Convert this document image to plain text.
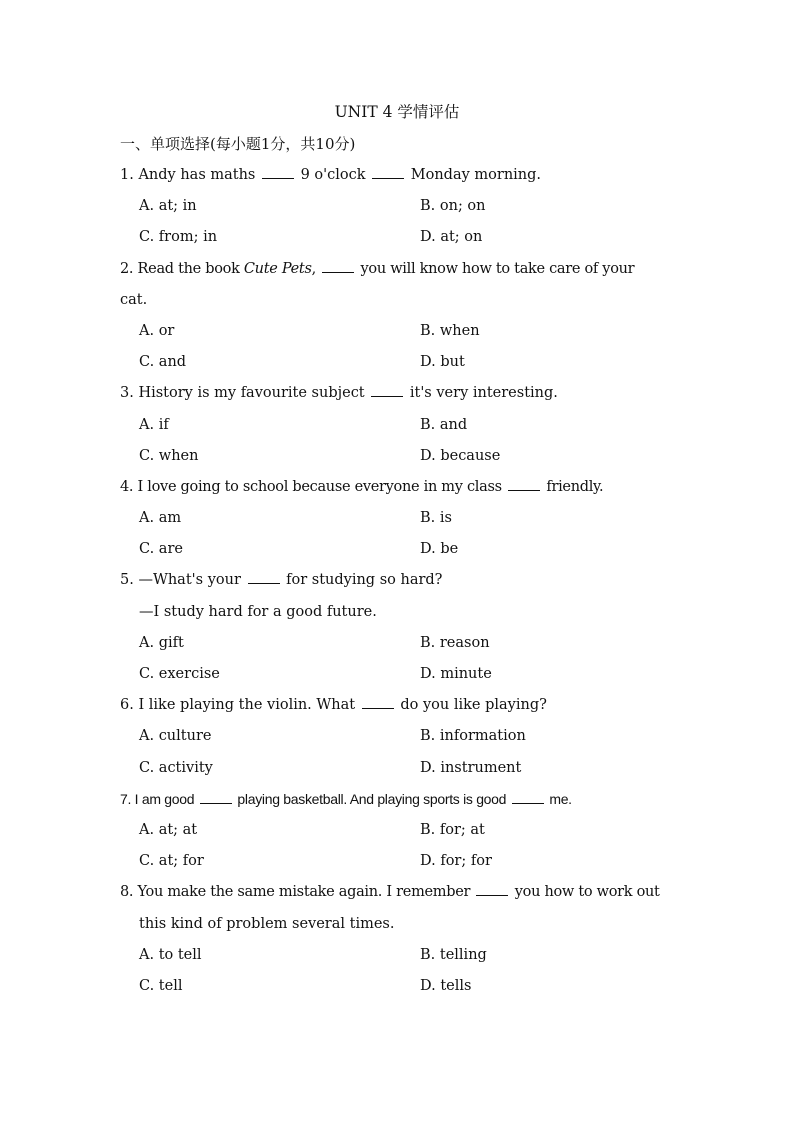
UNIT 4 学情评估
一、单项选择(每小题1分，共10分)
1. Andy has maths	9 o'clock	Monday morning.
A. at; in	B. on; on
C. from; in	D. at; on
2. Read the book Cute Pets,	you will know how to take care of your
cat.
A. or	B. when
C. and	D. but
3. History is my favourite subject	it's very interesting.
A. if	B. and
C. when	D. because
4. I love going to school because everyone in my class	friendly.
A. am	B. is
C. are	D. be
5. —What's your	for studying so hard?
—I study hard for a good future.
A. gift	B. reason
C. exercise	D. minute
6. I like playing the violin. What	do you like playing?
A. culture	B. information
C. activity	D. instrument
7. I am good	playing basketball. And playing sports is good	me.
A. at; at	B. for; at
C. at; for	D. for; for
8. You make the same mistake again. I remember	you how to work out
this kind of problem several times.
A. to tell	B. telling
C. tell	D. tells
